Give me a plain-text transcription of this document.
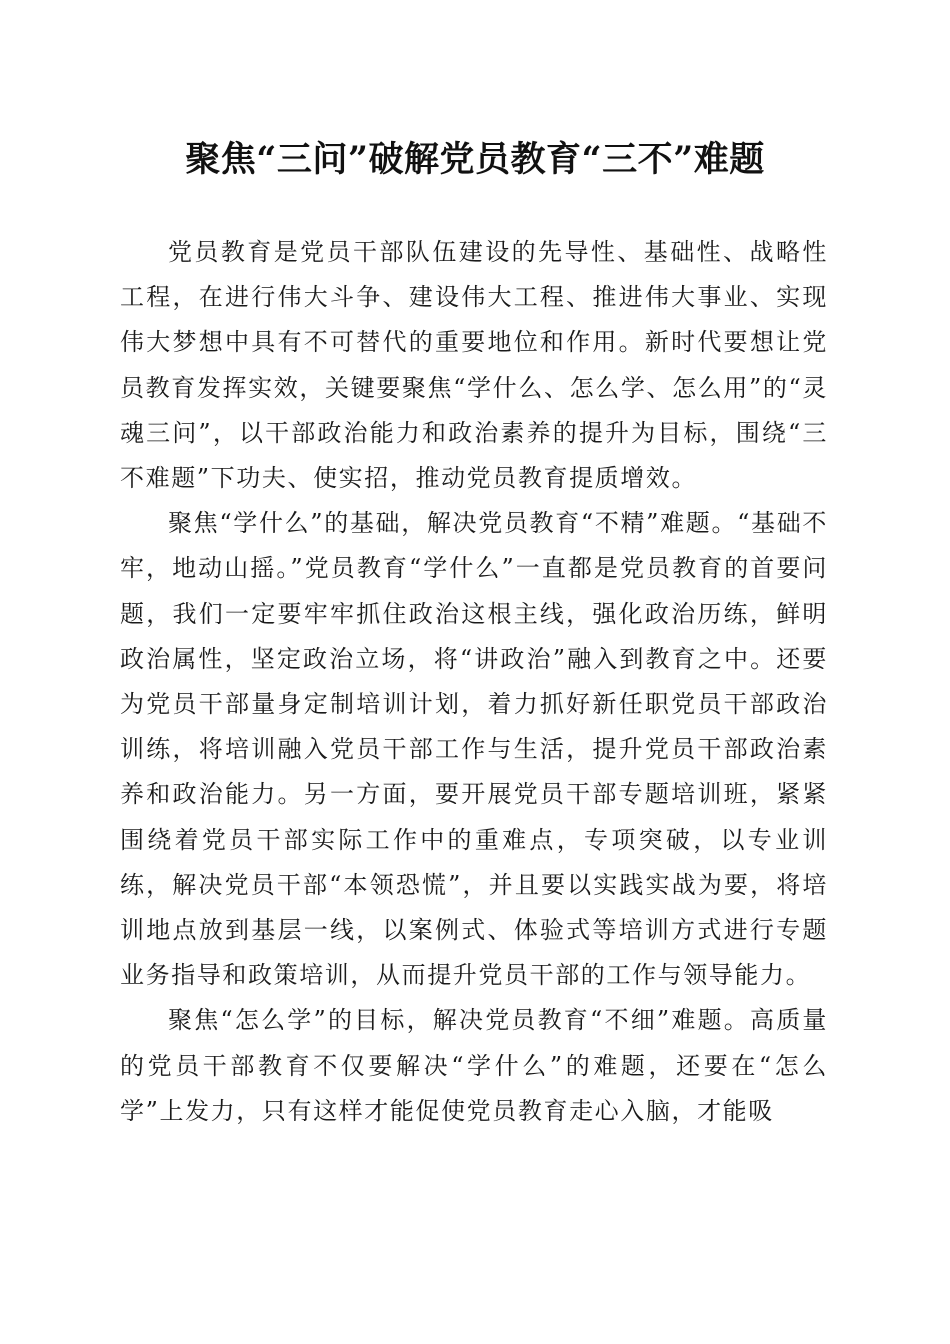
聚焦“三问”破解党员教育“三不”难题

党员教育是党员干部队伍建设的先导性、基础性、战略性工程，在进行伟大斗争、建设伟大工程、推进伟大事业、实现伟大梦想中具有不可替代的重要地位和作用。新时代要想让党员教育发挥实效，关键要聚焦“学什么、怎么学、怎么用”的“灵魂三问”，以干部政治能力和政治素养的提升为目标，围绕“三不难题”下功夫、使实招，推动党员教育提质增效。

聚焦“学什么”的基础，解决党员教育“不精”难题。“基础不牢，地动山摇。”党员教育“学什么”一直都是党员教育的首要问题，我们一定要牢牢抓住政治这根主线，强化政治历练，鲜明政治属性，坚定政治立场，将“讲政治”融入到教育之中。还要为党员干部量身定制培训计划，着力抓好新任职党员干部政治训练，将培训融入党员干部工作与生活，提升党员干部政治素养和政治能力。另一方面，要开展党员干部专题培训班，紧紧围绕着党员干部实际工作中的重难点，专项突破，以专业训练，解决党员干部“本领恐慌”，并且要以实践实战为要，将培训地点放到基层一线，以案例式、体验式等培训方式进行专题业务指导和政策培训，从而提升党员干部的工作与领导能力。

聚焦“怎么学”的目标，解决党员教育“不细”难题。高质量的党员干部教育不仅要解决“学什么”的难题，还要在“怎么学”上发力，只有这样才能促使党员教育走心入脑，才能吸
